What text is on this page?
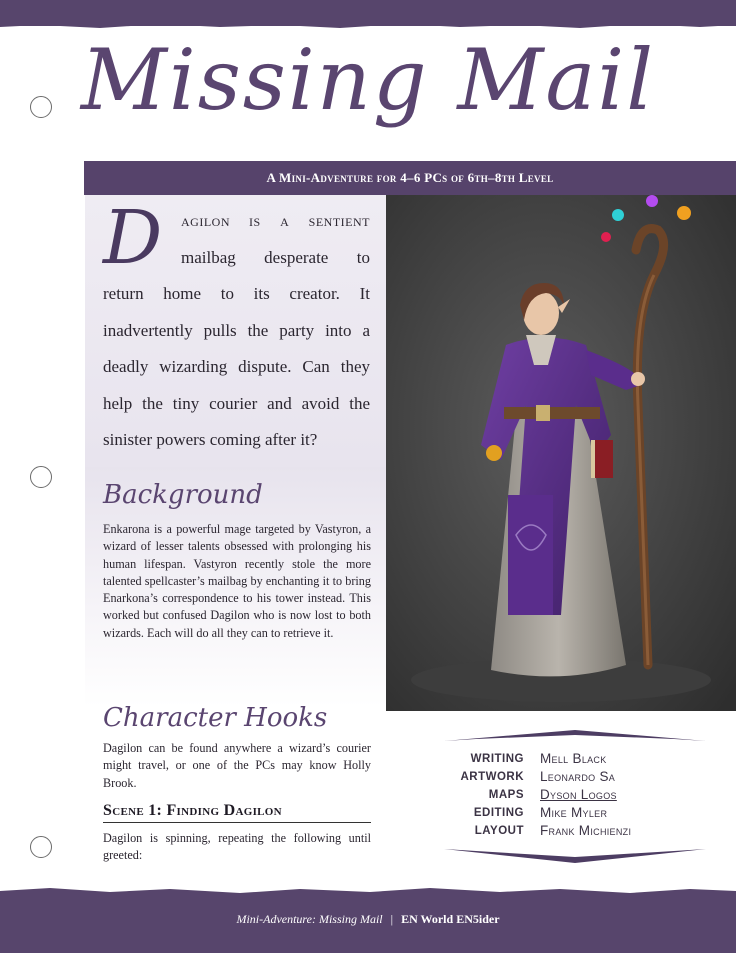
Missing Mail
A Mini-Adventure for 4–6 PCs of 6th–8th Level
D	agilon is a sentient
mailbag desperate to
return home to its creator. It inadvertently pulls the party into a deadly wizarding dispute. Can they help the tiny courier and avoid the sinister powers coming after it?
Background
Enkarona is a powerful mage targeted by Vastyron, a wizard of lesser talents obsessed with prolonging his human lifespan. Vastyron recently stole the more talented spellcaster’s mailbag by enchanting it to bring Enarkona’s correspondence to his tower instead. This worked but confused Dagilon who is now lost to both wizards. Each will do all they can to retrieve it.
Character Hooks
Dagilon can be found anywhere a wizard’s courier might travel, or one of the PCs may know Holly Brook.
Scene 1: Finding Dagilon
Dagilon is spinning, repeating the following until greeted:
WRITING Mell Black
ARTWORK Leonardo Sa
MAPS Dyson Logos
EDITING Mike Myler
LAYOUT Frank Michienzi
Mini-Adventure: Missing Mail | EN World EN5ider
